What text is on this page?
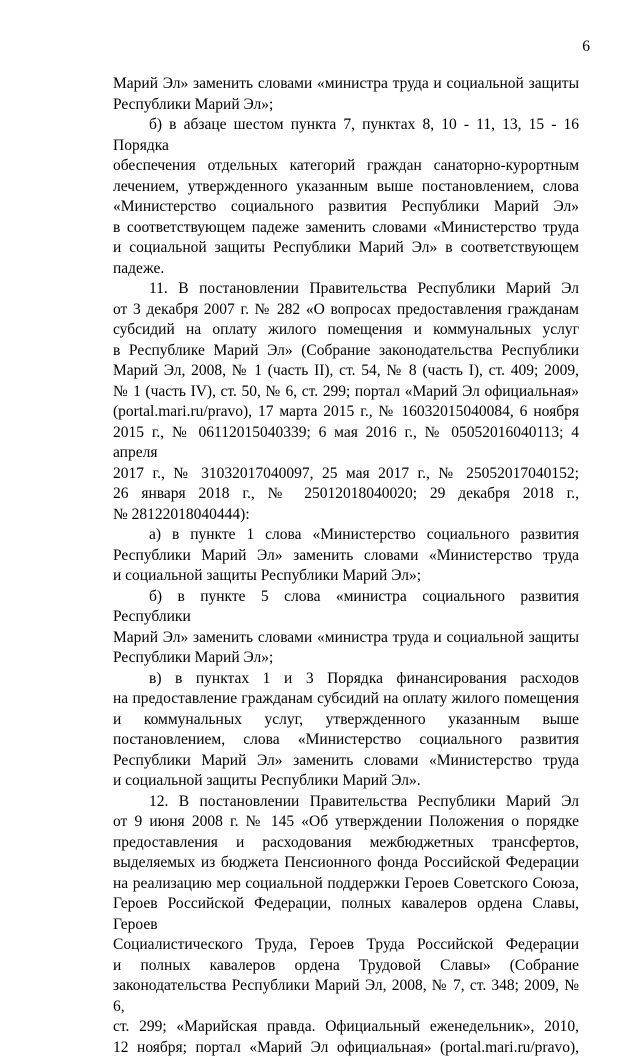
6
Марий Эл» заменить словами «министра труда и социальной защиты
Республики Марий Эл»;
б) в абзаце шестом пункта 7, пунктах 8, 10 - 11, 13, 15 - 16 Порядка
обеспечения отдельных категорий граждан санаторно-курортным
лечением, утвержденного указанным выше постановлением, слова
«Министерство социального развития Республики Марий Эл»
в соответствующем падеже заменить словами «Министерство труда
и социальной защиты Республики Марий Эл» в соответствующем
падеже.
11. В постановлении Правительства Республики Марий Эл
от 3 декабря 2007 г. № 282 «О вопросах предоставления гражданам
субсидий на оплату жилого помещения и коммунальных услуг
в Республике Марий Эл» (Собрание законодательства Республики
Марий Эл, 2008, № 1 (часть II), ст. 54, № 8 (часть I), ст. 409; 2009,
№ 1 (часть IV), ст. 50, № 6, ст. 299; портал «Марий Эл официальная»
(portal.mari.ru/pravo), 17 марта 2015 г., № 16032015040084, 6 ноября
2015 г., № 06112015040339; 6 мая 2016 г., № 05052016040113; 4 апреля
2017 г., № 31032017040097, 25 мая 2017 г., № 25052017040152;
26 января 2018 г., № 25012018040020; 29 декабря 2018 г.,
№ 28122018040444):
а) в пункте 1 слова «Министерство социального развития
Республики Марий Эл» заменить словами «Министерство труда
и социальной защиты Республики Марий Эл»;
б) в пункте 5 слова «министра социального развития Республики
Марий Эл» заменить словами «министра труда и социальной защиты
Республики Марий Эл»;
в) в пунктах 1 и 3 Порядка финансирования расходов
на предоставление гражданам субсидий на оплату жилого помещения
и коммунальных услуг, утвержденного указанным выше
постановлением, слова «Министерство социального развития
Республики Марий Эл» заменить словами «Министерство труда
и социальной защиты Республики Марий Эл».
12. В постановлении Правительства Республики Марий Эл
от 9 июня 2008 г. № 145 «Об утверждении Положения о порядке
предоставления и расходования межбюджетных трансфертов,
выделяемых из бюджета Пенсионного фонда Российской Федерации
на реализацию мер социальной поддержки Героев Советского Союза,
Героев Российской Федерации, полных кавалеров ордена Славы, Героев
Социалистического Труда, Героев Труда Российской Федерации
и полных кавалеров ордена Трудовой Славы» (Собрание
законодательства Республики Марий Эл, 2008, № 7, ст. 348; 2009, № 6,
ст. 299; «Марийская правда. Официальный еженедельник», 2010,
12 ноября; портал «Марий Эл официальная» (portal.mari.ru/pravo),
